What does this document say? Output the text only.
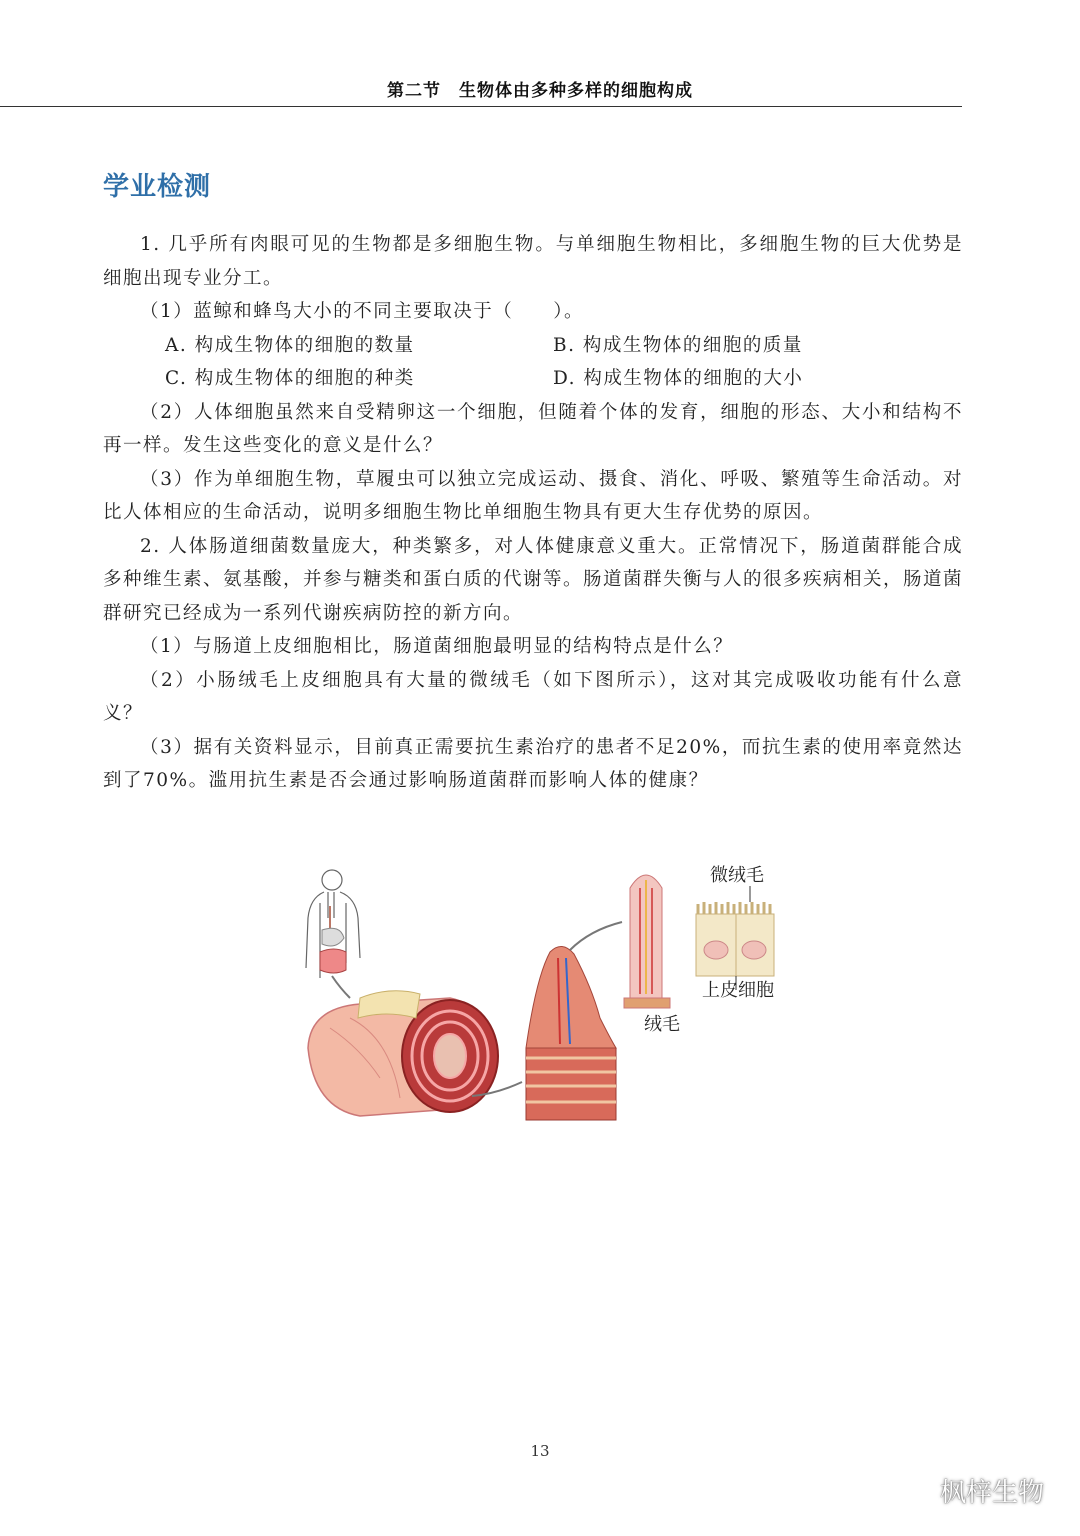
第二节　生物体由多种多样的细胞构成
学业检测

1. 几乎所有肉眼可见的生物都是多细胞生物。与单细胞生物相比，多细胞生物的巨大优势是细胞出现专业分工。

（1）蓝鲸和蜂鸟大小的不同主要取决于（　　）。

A. 构成生物体的细胞的数量	B. 构成生物体的细胞的质量
C. 构成生物体的细胞的种类	D. 构成生物体的细胞的大小

（2）人体细胞虽然来自受精卵这一个细胞，但随着个体的发育，细胞的形态、大小和结构不再一样。发生这些变化的意义是什么？

（3）作为单细胞生物，草履虫可以独立完成运动、摄食、消化、呼吸、繁殖等生命活动。对比人体相应的生命活动，说明多细胞生物比单细胞生物具有更大生存优势的原因。

2. 人体肠道细菌数量庞大，种类繁多，对人体健康意义重大。正常情况下，肠道菌群能合成多种维生素、氨基酸，并参与糖类和蛋白质的代谢等。肠道菌群失衡与人的很多疾病相关，肠道菌群研究已经成为一系列代谢疾病防控的新方向。

（1）与肠道上皮细胞相比，肠道菌细胞最明显的结构特点是什么？

（2）小肠绒毛上皮细胞具有大量的微绒毛（如下图所示），这对其完成吸收功能有什么意义？

（3）据有关资料显示，目前真正需要抗生素治疗的患者不足20%，而抗生素的使用率竟然达到了70%。滥用抗生素是否会通过影响肠道菌群而影响人体的健康？

微绒毛
上皮细胞
绒毛
13
枫梓生物
